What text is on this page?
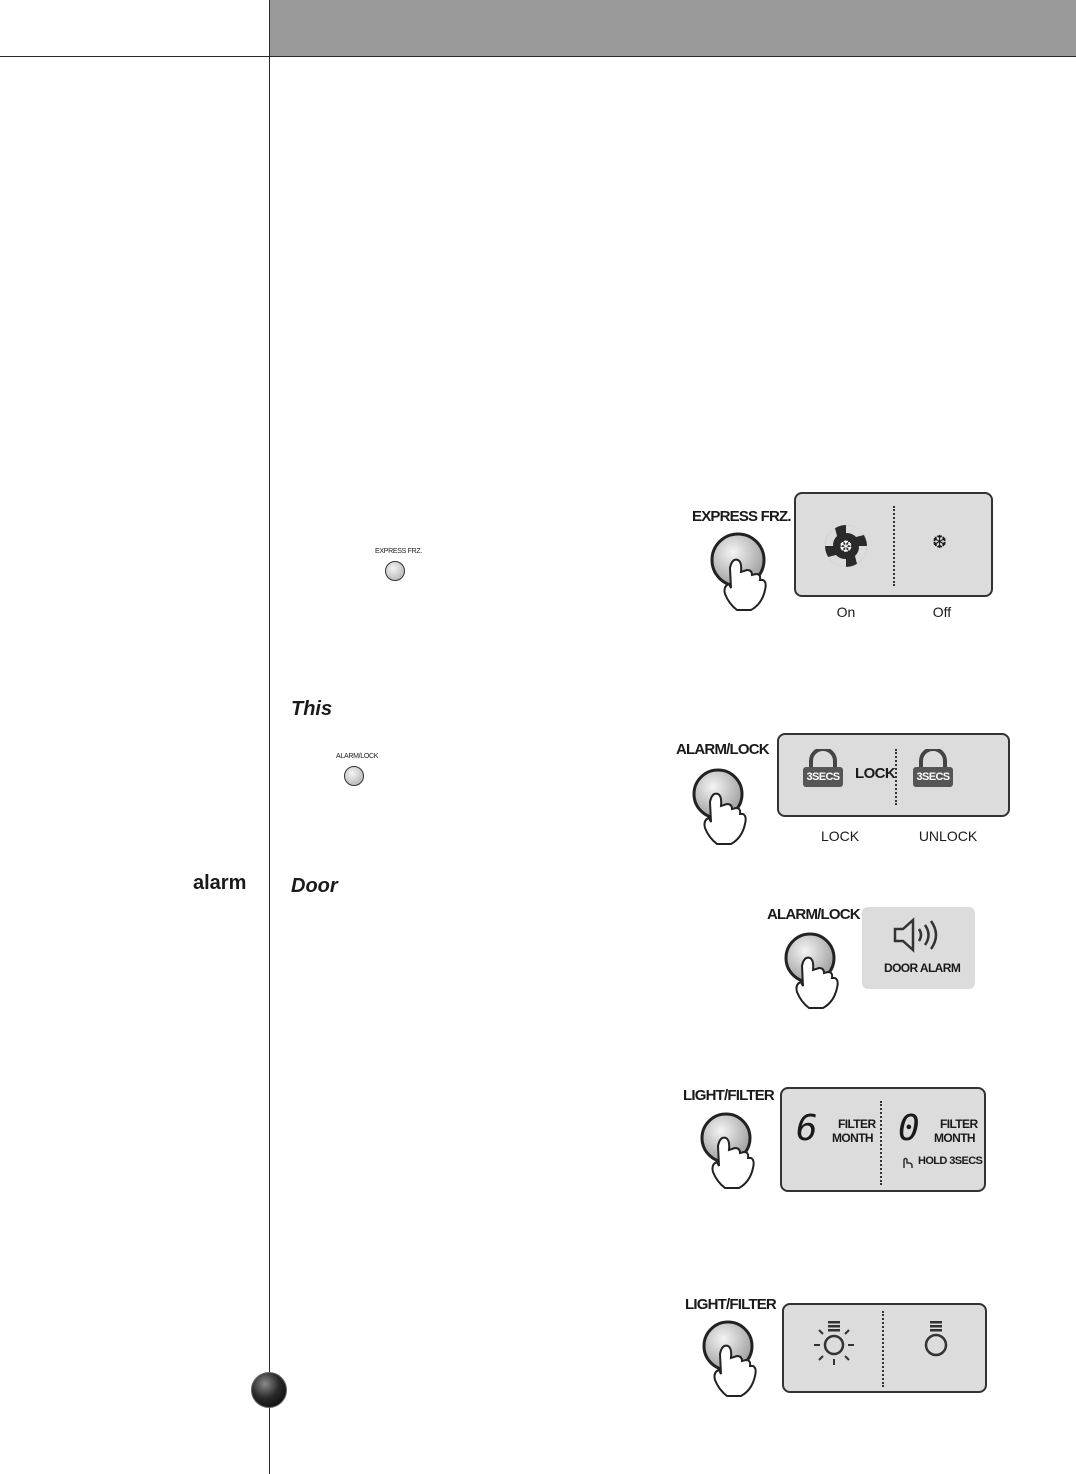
alarm
This
Door
EXPRESS FRZ.
ALARM/LOCK
EXPRESS FRZ.
❆	❆
On	Off
ALARM/LOCK
3SECS LOCK	3SECS
LOCK	UNLOCK
ALARM/LOCK
DOOR ALARM
LIGHT/FILTER
6 FILTER
MONTH 0 FILTER
MONTH
HOLD 3SECS
LIGHT/FILTER
